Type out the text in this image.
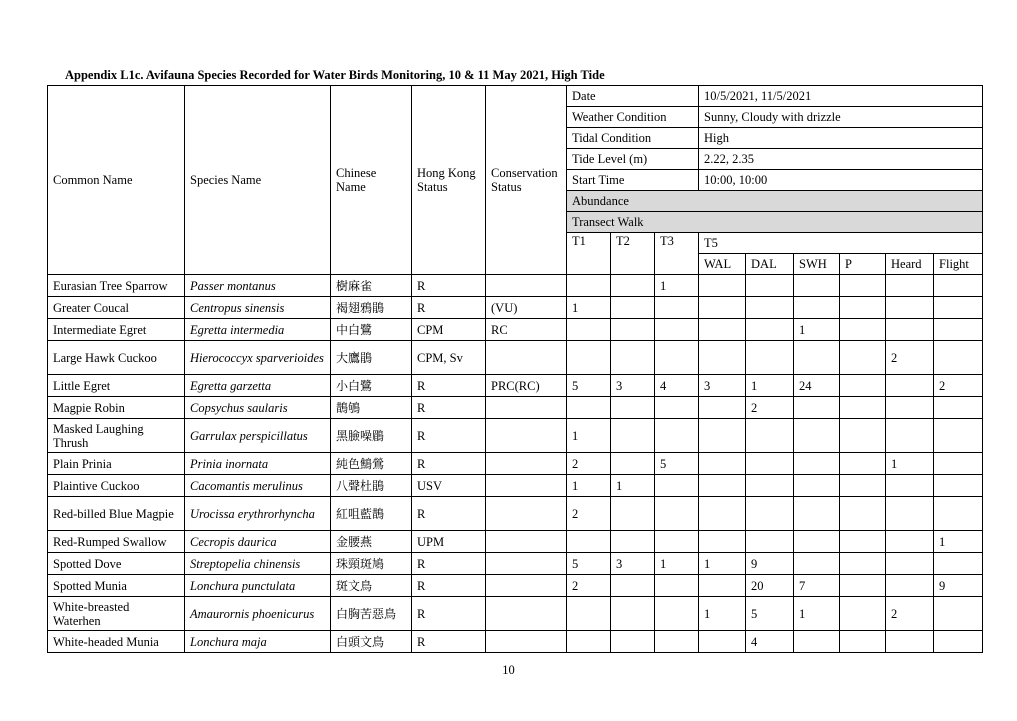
Appendix L1c. Avifauna Species Recorded for Water Birds Monitoring, 10 & 11 May 2021, High Tide
Common Name	Species Name	Chinese Name	Hong Kong Status	Conservation Status	Date			10/5/2021, 11/5/2021					
					Weather Condition			Sunny, Cloudy with drizzle					
					Tidal Condition			High					
					Tide Level (m)			2.22, 2.35					
					Start Time			10:00, 10:00					
					Abundance								
					Transect Walk								
					T1	T2	T3	T5					
								WAL	DAL	SWH	P	Heard	Flight
Eurasian Tree Sparrow	Passer montanus	樹麻雀	R				1						
Greater Coucal	Centropus sinensis	褐翅鴉鵑	R	(VU)	1								
Intermediate Egret	Egretta intermedia	中白鷺	CPM	RC						1			
Large Hawk Cuckoo	Hierococcyx sparverioides	大鷹鵑	CPM, Sv									2	
Little Egret	Egretta garzetta	小白鷺	R	PRC(RC)	5	3	4	3	1	24			2
Magpie Robin	Copsychus saularis	鵲鴝	R						2				
Masked Laughing Thrush	Garrulax perspicillatus	黑臉噪鶥	R		1								
Plain Prinia	Prinia inornata	純色鷦鶯	R		2		5					1	
Plaintive Cuckoo	Cacomantis merulinus	八聲杜鵑	USV		1	1							
Red-billed Blue Magpie	Urocissa erythrorhyncha	紅咀藍鵲	R		2								
Red-Rumped Swallow	Cecropis daurica	金腰燕	UPM										1
Spotted Dove	Streptopelia chinensis	珠頸斑鳩	R		5	3	1	1	9				
Spotted Munia	Lonchura punctulata	斑文鳥	R		2				20	7			9
White-breasted Waterhen	Amaurornis phoenicurus	白胸苦惡鳥	R					1	5	1		2	
White-headed Munia	Lonchura maja	白頭文鳥	R						4				
10
